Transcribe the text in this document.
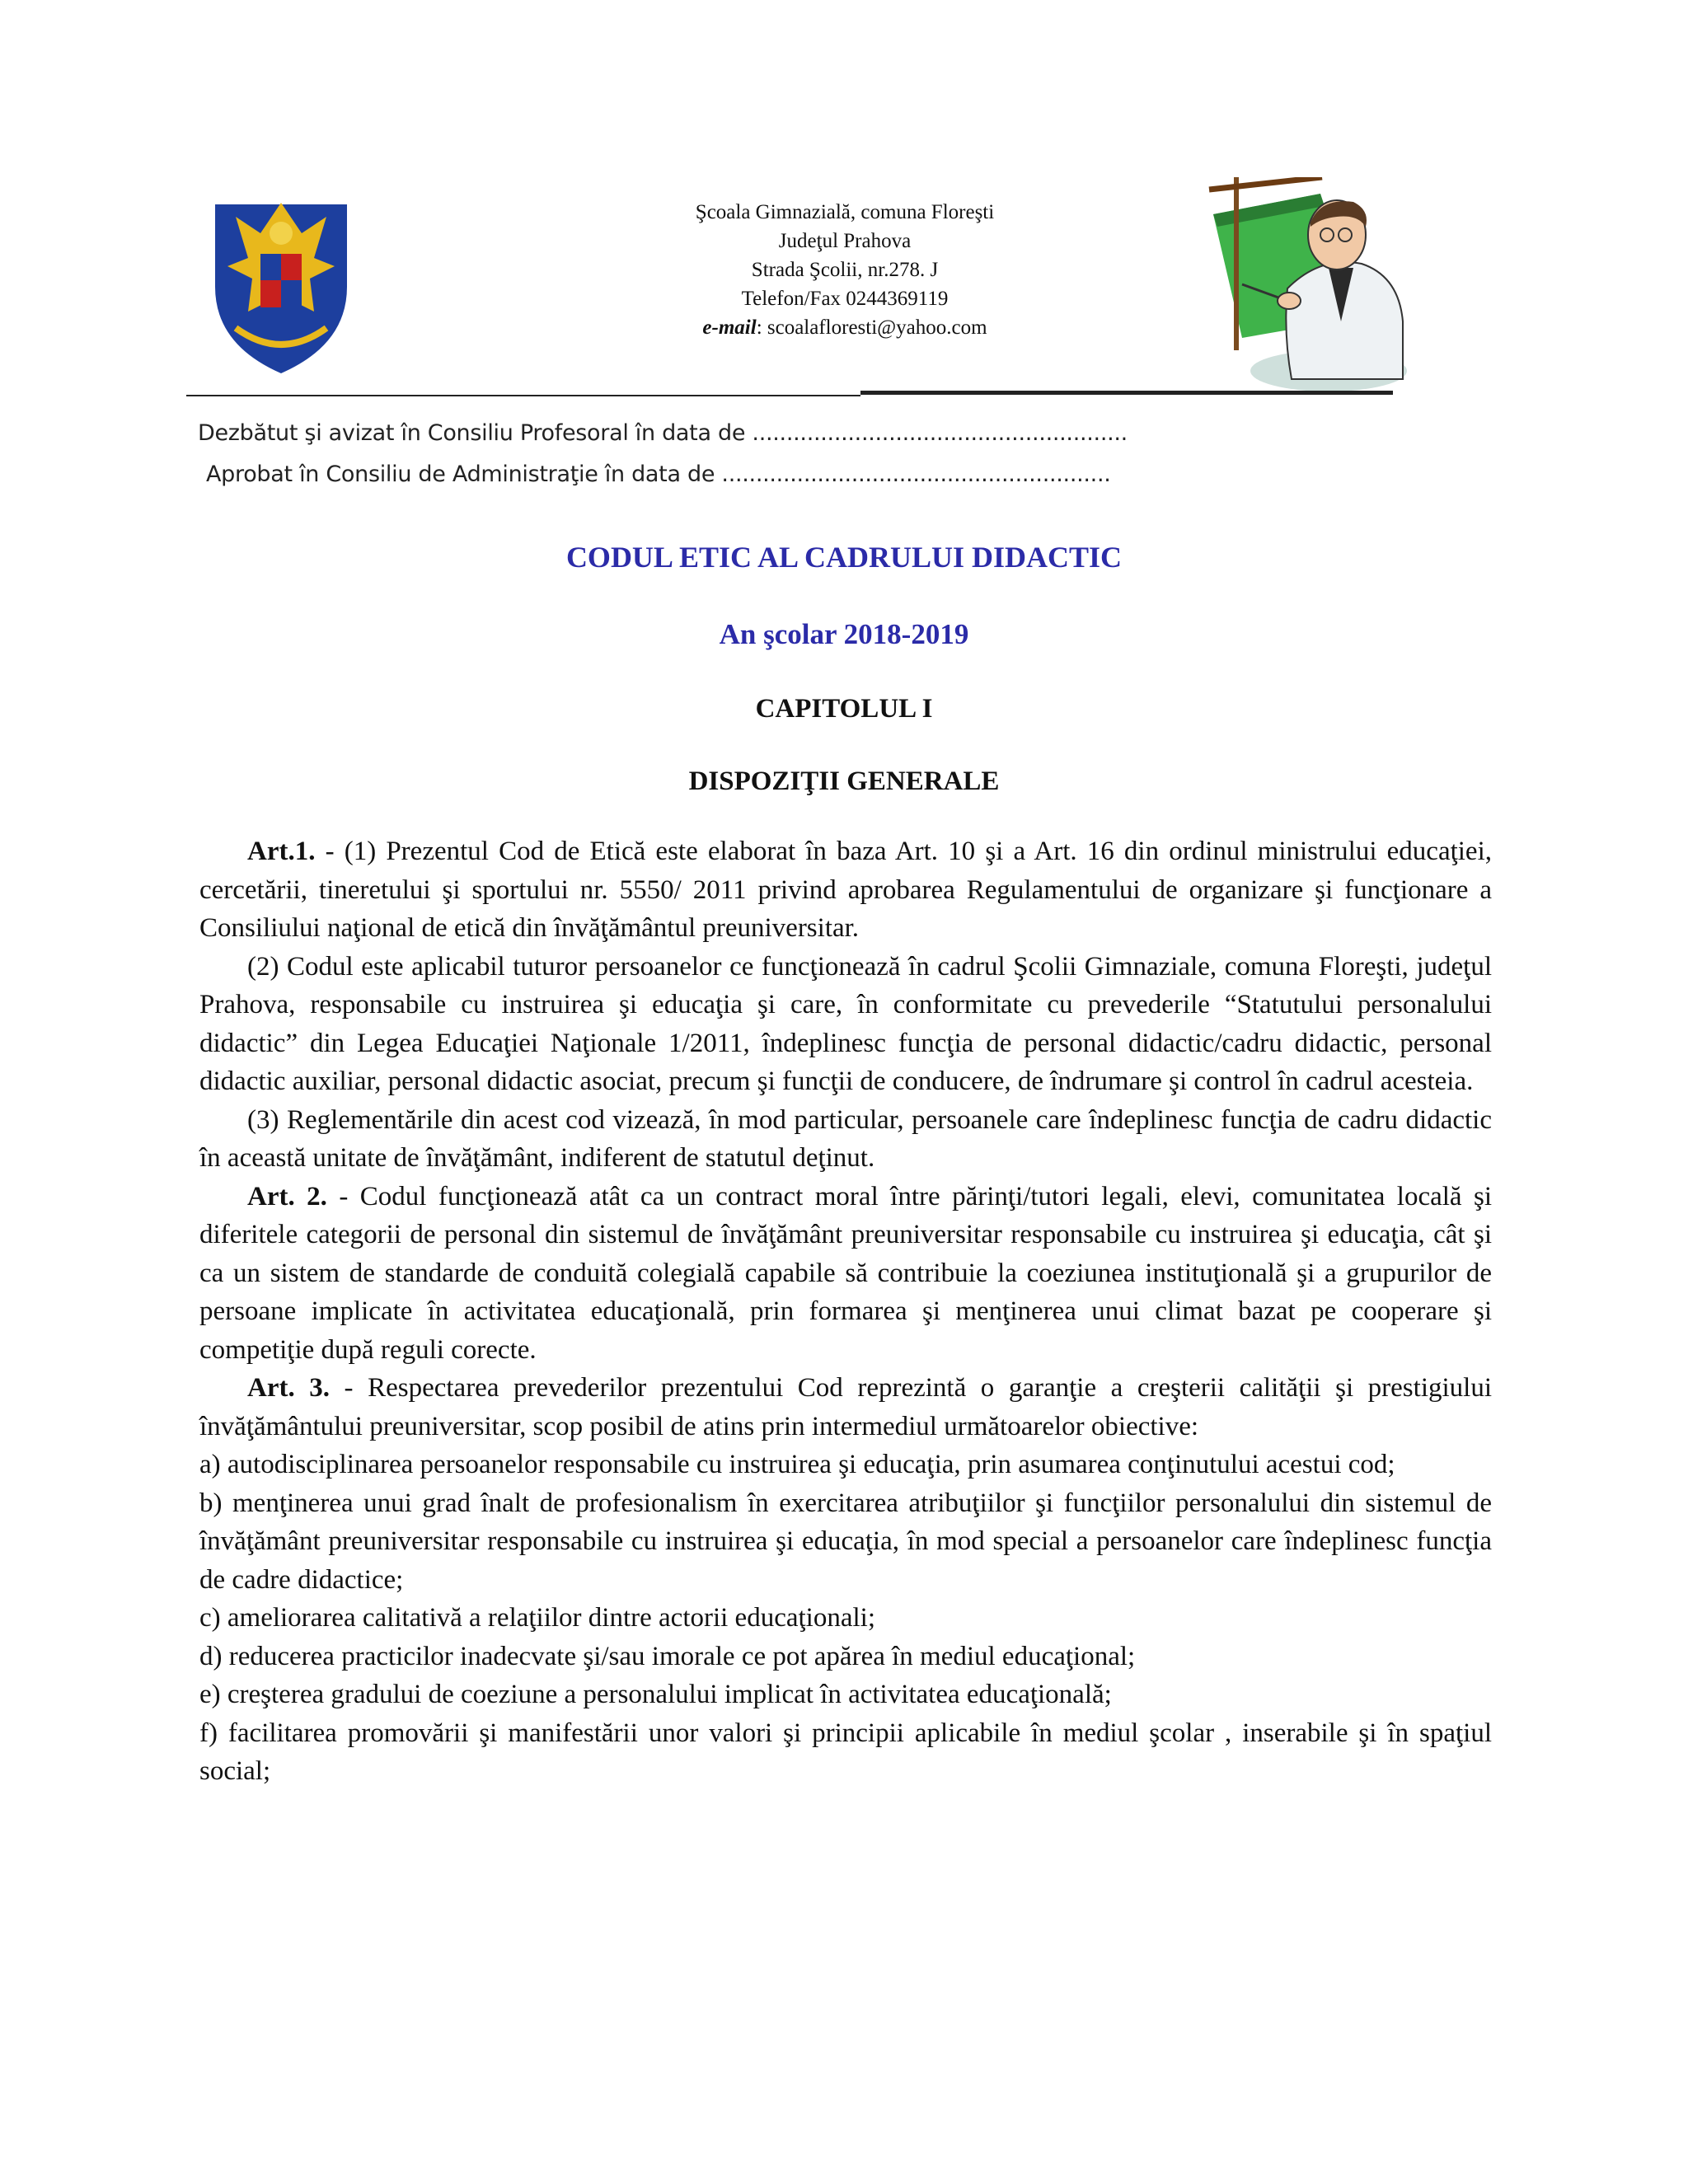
Şcoala Gimnazială, comuna Floreşti
Judeţul Prahova
Strada Şcolii, nr.278. J
Telefon/Fax 0244369119
e-mail: scoalafloresti@yahoo.com
Dezbătut şi avizat în Consiliu Profesoral în data de .......................................................
Aprobat în Consiliu de Administraţie în data de .........................................................
CODUL ETIC AL CADRULUI DIDACTIC
An şcolar 2018-2019
CAPITOLUL I
DISPOZIŢII GENERALE

Art.1. - (1) Prezentul Cod de Etică este elaborat în baza Art. 10 şi a Art. 16 din ordinul ministrului educaţiei, cercetării, tineretului şi sportului nr. 5550/ 2011 privind aprobarea Regulamentului de organizare şi funcţionare a Consiliului naţional de etică din învăţământul preuniversitar.

(2) Codul este aplicabil tuturor persoanelor ce funcţionează în cadrul Şcolii Gimnaziale, comuna Floreşti, judeţul Prahova, responsabile cu instruirea şi educaţia şi care, în conformitate cu prevederile “Statutului personalului didactic” din Legea Educaţiei Naţionale 1/2011, îndeplinesc funcţia de personal didactic/cadru didactic, personal didactic auxiliar, personal didactic asociat, precum şi funcţii de conducere, de îndrumare şi control în cadrul acesteia.

(3) Reglementările din acest cod vizează, în mod particular, persoanele care îndeplinesc funcţia de cadru didactic în această unitate de învăţământ, indiferent de statutul deţinut.

Art. 2. - Codul funcţionează atât ca un contract moral între părinţi/tutori legali, elevi, comunitatea locală şi diferitele categorii de personal din sistemul de învăţământ preuniversitar responsabile cu instruirea şi educaţia, cât şi ca un sistem de standarde de conduită colegială capabile să contribuie la coeziunea instituţională şi a grupurilor de persoane implicate în activitatea educaţională, prin formarea şi menţinerea unui climat bazat pe cooperare şi competiţie după reguli corecte.

Art. 3. - Respectarea prevederilor prezentului Cod reprezintă o garanţie a creşterii calităţii şi prestigiului învăţământului preuniversitar, scop posibil de atins prin intermediul următoarelor obiective:

a) autodisciplinarea persoanelor responsabile cu instruirea şi educaţia, prin asumarea conţinutului acestui cod;

b) menţinerea unui grad înalt de profesionalism în exercitarea atribuţiilor şi funcţiilor personalului din sistemul de învăţământ preuniversitar responsabile cu instruirea şi educaţia, în mod special a persoanelor care îndeplinesc funcţia de cadre didactice;

c) ameliorarea calitativă a relaţiilor dintre actorii educaţionali;

d) reducerea practicilor inadecvate şi/sau imorale ce pot apărea în mediul educaţional;

e) creşterea gradului de coeziune a personalului implicat în activitatea educaţională;

f) facilitarea promovării şi manifestării unor valori şi principii aplicabile în mediul şcolar , inserabile şi în spaţiul social;
